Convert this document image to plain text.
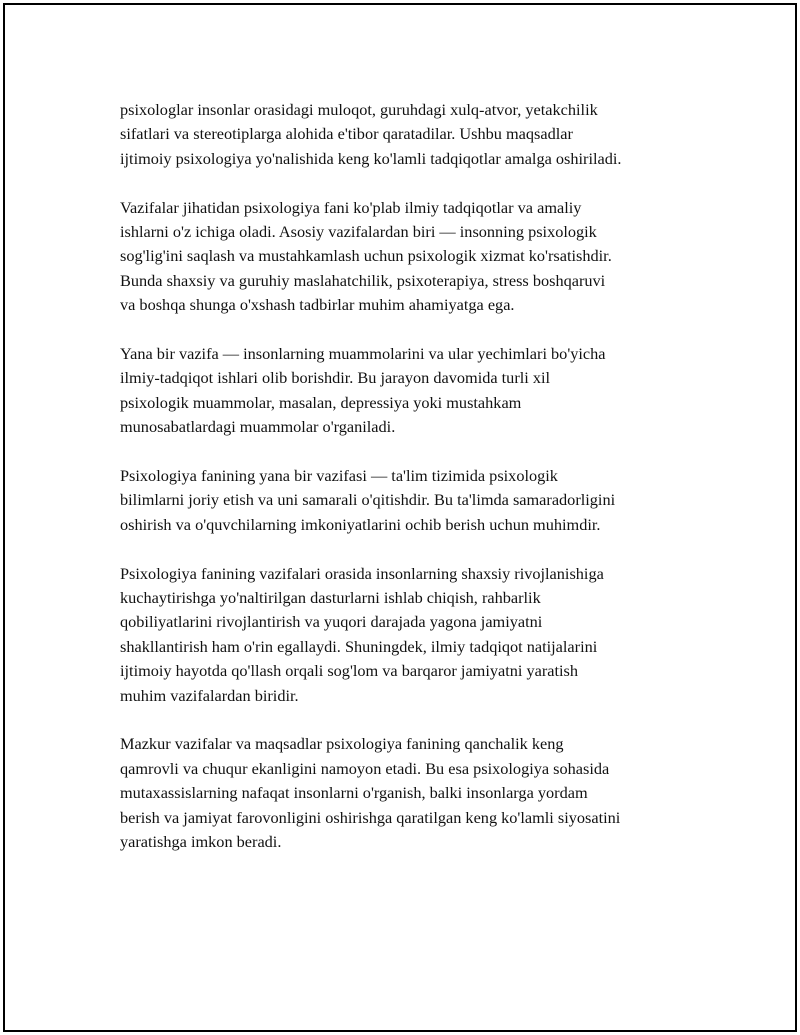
psixologlar insonlar orasidagi muloqot, guruhdagi xulq-atvor, yetakchilik
sifatlari va stereotiplarga alohida e'tibor qaratadilar. Ushbu maqsadlar
ijtimoiy psixologiya yo'nalishida keng ko'lamli tadqiqotlar amalga oshiriladi.

Vazifalar jihatidan psixologiya fani ko'plab ilmiy tadqiqotlar va amaliy
ishlarni o'z ichiga oladi. Asosiy vazifalardan biri — insonning psixologik
sog'lig'ini saqlash va mustahkamlash uchun psixologik xizmat ko'rsatishdir.
Bunda shaxsiy va guruhiy maslahatchilik, psixoterapiya, stress boshqaruvi
va boshqa shunga o'xshash tadbirlar muhim ahamiyatga ega.

Yana bir vazifa — insonlarning muammolarini va ular yechimlari bo'yicha
ilmiy-tadqiqot ishlari olib borishdir. Bu jarayon davomida turli xil
psixologik muammolar, masalan, depressiya yoki mustahkam
munosabatlardagi muammolar o'rganiladi.

Psixologiya fanining yana bir vazifasi — ta'lim tizimida psixologik
bilimlarni joriy etish va uni samarali o'qitishdir. Bu ta'limda samaradorligini
oshirish va o'quvchilarning imkoniyatlarini ochib berish uchun muhimdir.

Psixologiya fanining vazifalari orasida insonlarning shaxsiy rivojlanishiga
kuchaytirishga yo'naltirilgan dasturlarni ishlab chiqish, rahbarlik
qobiliyatlarini rivojlantirish va yuqori darajada yagona jamiyatni
shakllantirish ham o'rin egallaydi. Shuningdek, ilmiy tadqiqot natijalarini
ijtimoiy hayotda qo'llash orqali sog'lom va barqaror jamiyatni yaratish
muhim vazifalardan biridir.

Mazkur vazifalar va maqsadlar psixologiya fanining qanchalik keng
qamrovli va chuqur ekanligini namoyon etadi. Bu esa psixologiya sohasida
mutaxassislarning nafaqat insonlarni o'rganish, balki insonlarga yordam
berish va jamiyat farovonligini oshirishga qaratilgan keng ko'lamli siyosatini
yaratishga imkon beradi.
